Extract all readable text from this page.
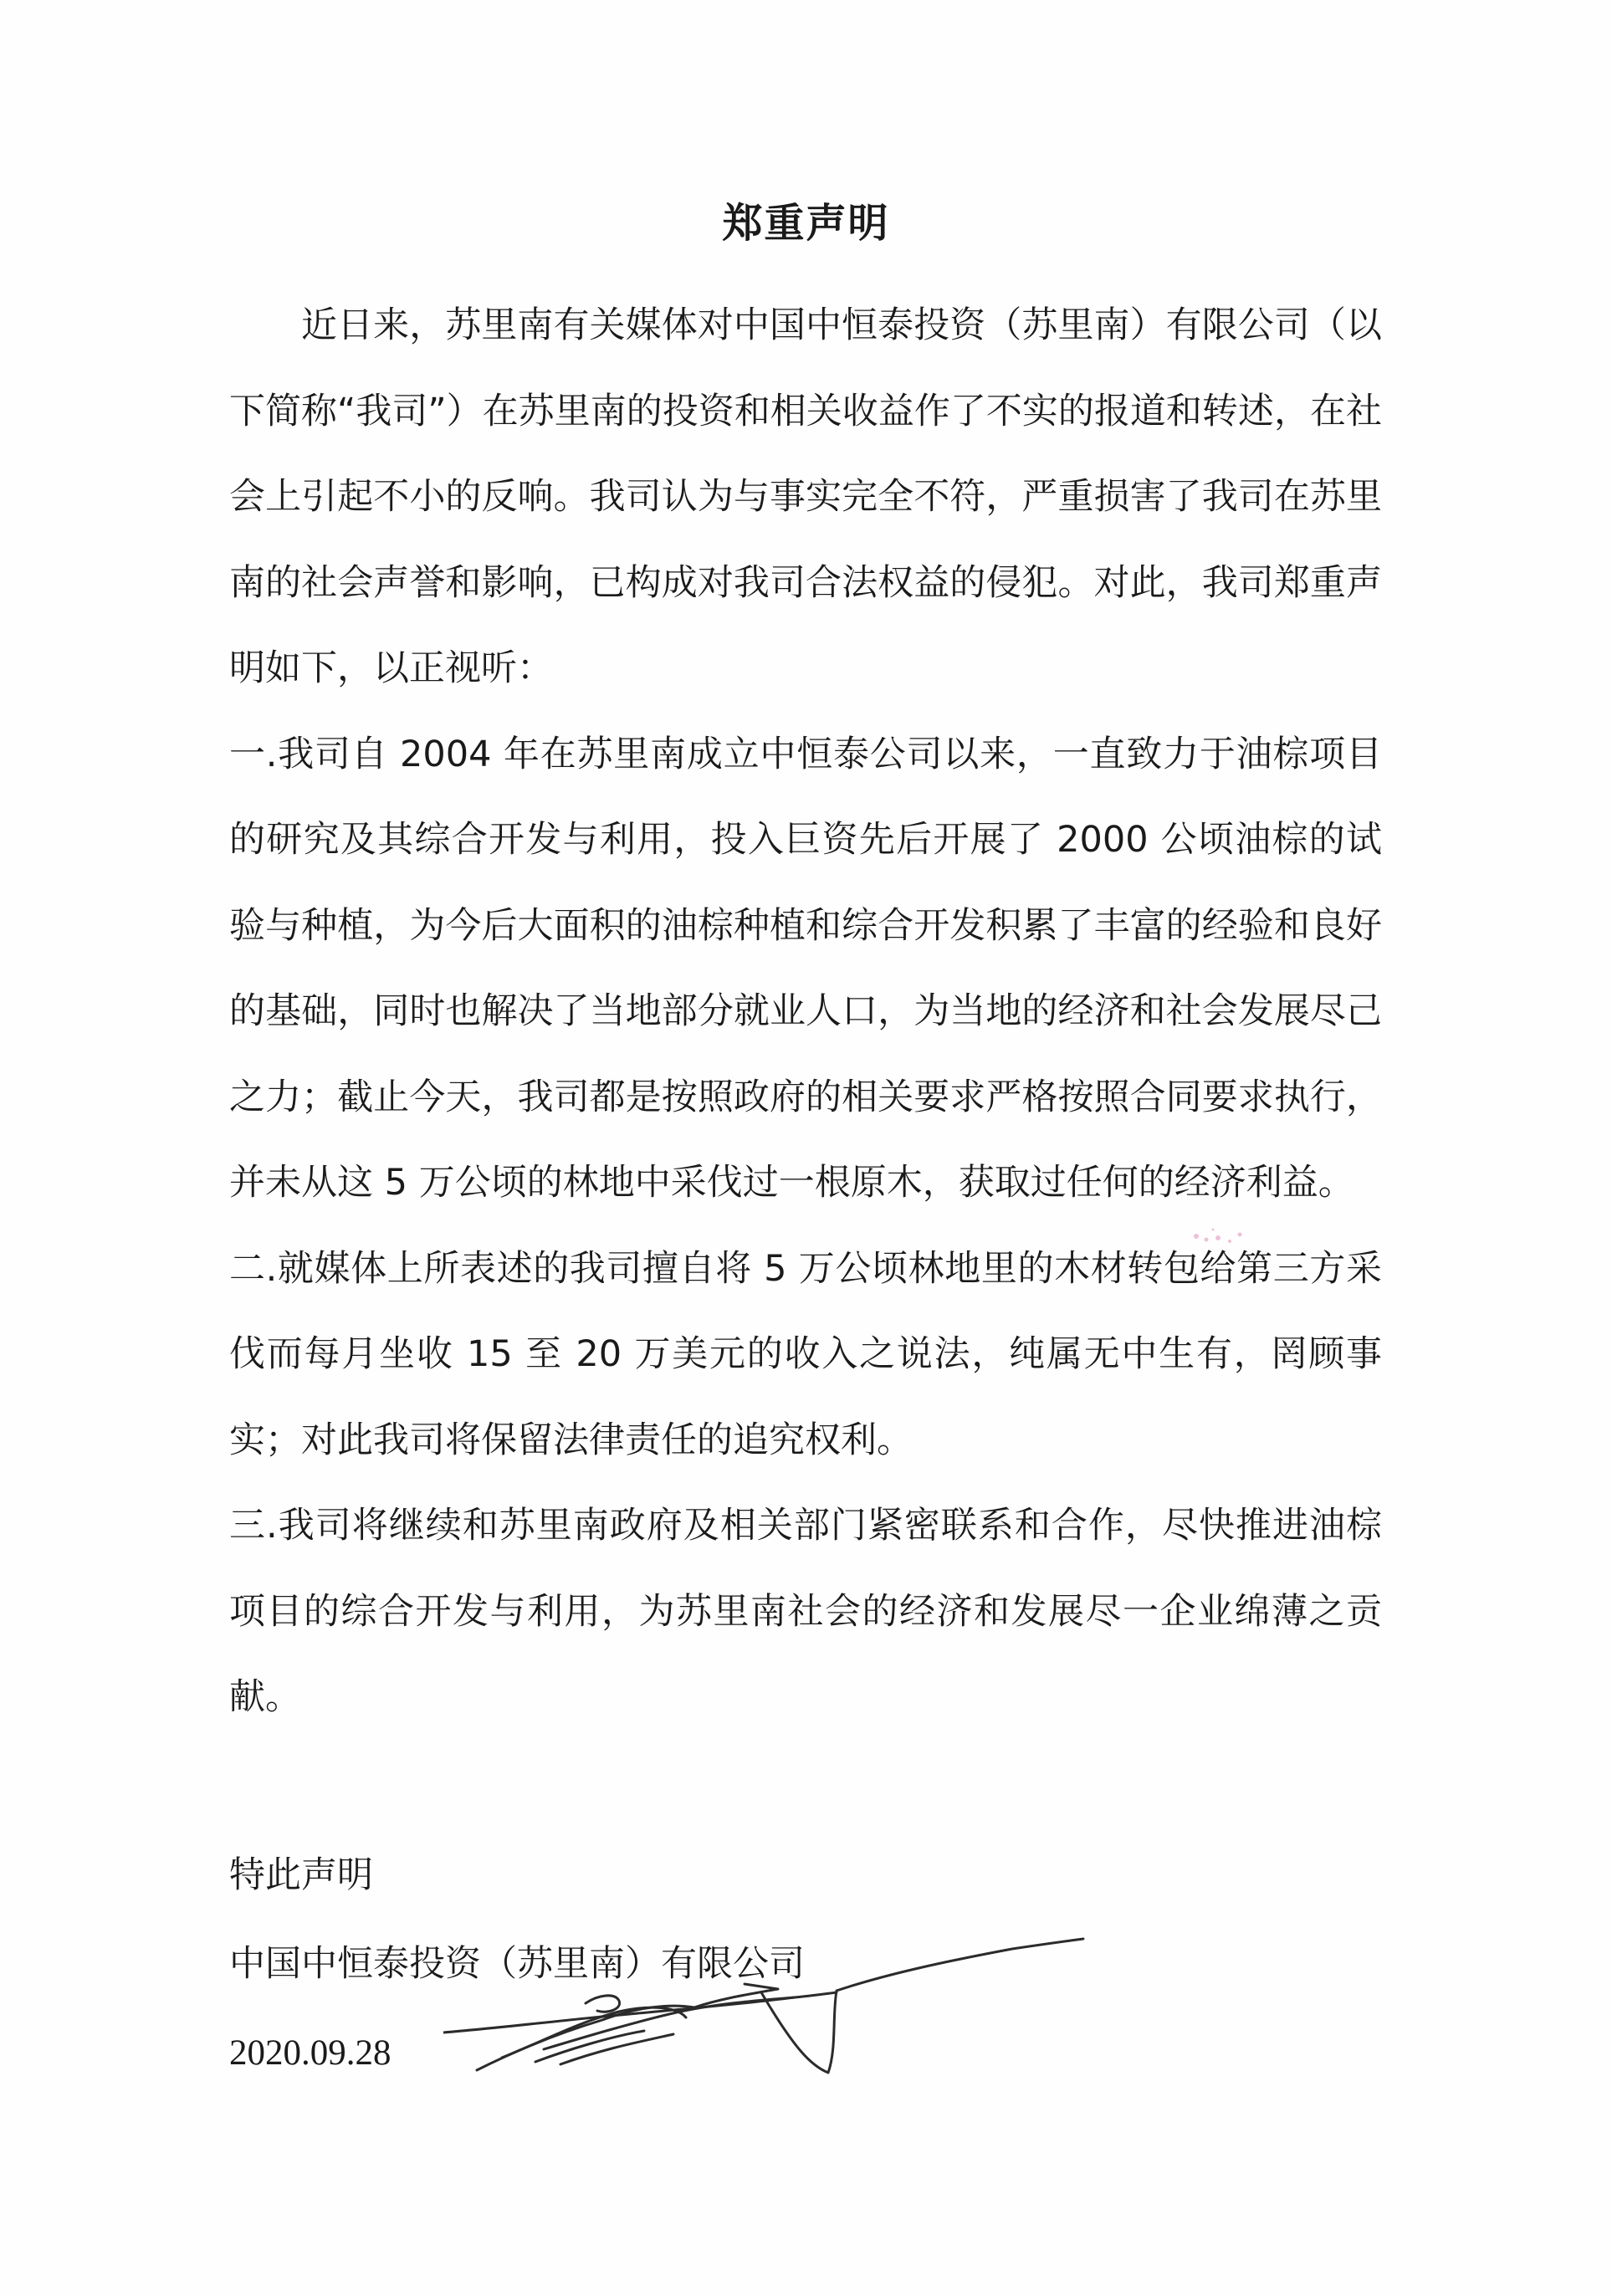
郑重声明

近日来，苏里南有关媒体对中国中恒泰投资（苏里南）有限公司（以下简称“我司”）在苏里南的投资和相关收益作了不实的报道和转述，在社会上引起不小的反响。我司认为与事实完全不符，严重损害了我司在苏里南的社会声誉和影响，已构成对我司合法权益的侵犯。对此，我司郑重声明如下，以正视听：

一.我司自 2004 年在苏里南成立中恒泰公司以来，一直致力于油棕项目的研究及其综合开发与利用，投入巨资先后开展了 2000 公顷油棕的试验与种植，为今后大面积的油棕种植和综合开发积累了丰富的经验和良好的基础，同时也解决了当地部分就业人口，为当地的经济和社会发展尽己之力；截止今天，我司都是按照政府的相关要求严格按照合同要求执行，并未从这 5 万公顷的林地中采伐过一根原木，获取过任何的经济利益。

二.就媒体上所表述的我司擅自将 5 万公顷林地里的木材转包给第三方采伐而每月坐收 15 至 20 万美元的收入之说法，纯属无中生有，罔顾事实；对此我司将保留法律责任的追究权利。

三.我司将继续和苏里南政府及相关部门紧密联系和合作，尽快推进油棕项目的综合开发与利用，为苏里南社会的经济和发展尽一企业绵薄之贡献。

特此声明
中国中恒泰投资（苏里南）有限公司
2020.09.28
